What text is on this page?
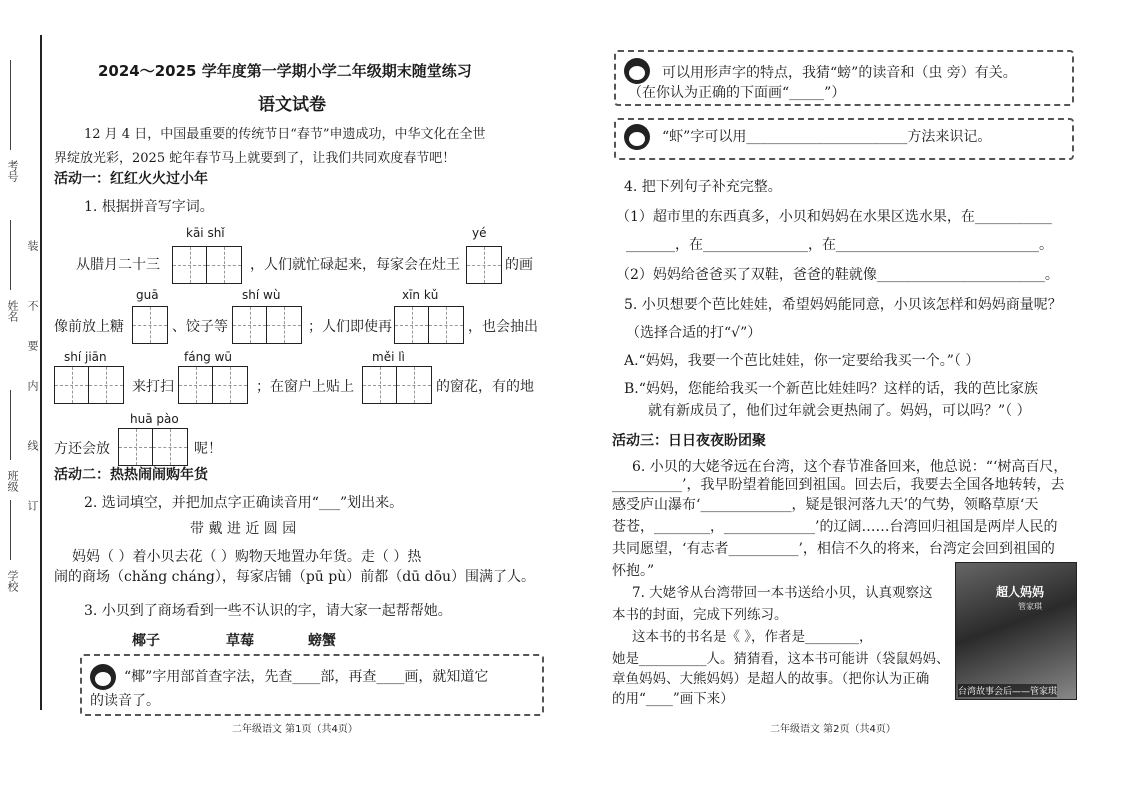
考号
姓名
班级
学校
装
不
要
内
线
订
2024～2025 学年度第一学期小学二年级期末随堂练习
语文试卷
12 月 4 日，中国最重要的传统节日“春节”申遗成功，中华文化在全世
界绽放光彩，2025 蛇年春节马上就要到了，让我们共同欢度春节吧！
活动一：红红火火过小年
1. 根据拼音写字词。
kāi shǐ	yé
从腊月二十三	，人们就忙碌起来，每家会在灶王	的画
guā	shí wù	xīn kǔ
像前放上糖	、饺子等	；人们即使再	，也会抽出
shí jiān	fáng wū	měi lì
来打扫	；在窗户上贴上	的窗花，有的地
huā pào
方还会放	呢！
活动二：热热闹闹购年货
2. 选词填空，并把加点字正确读音用“___”划出来。
带 戴 进 近 圆 园
妈妈（ ）着小贝去花（ ）购物天地置办年货。走（ ）热
闹的商场（chǎng cháng），每家店铺（pū pù）前都（dū dōu）围满了人。
3. 小贝到了商场看到一些不认识的字，请大家一起帮帮她。
椰子	草莓	螃蟹
“椰”字用部首查字法，先查____部，再查____画，就知道它
的读音了。
二年级语文 第1页（共4页）
可以用形声字的特点，我猜“螃”的读音和（虫 旁）有关。
（在你认为正确的下面画“_____”）
“虾”字可以用_______________________方法来识记。
4. 把下列句子补充完整。
（1）超市里的东西真多，小贝和妈妈在水果区选水果，在___________
_______，在_______________，在_____________________________。
（2）妈妈给爸爸买了双鞋，爸爸的鞋就像________________________。
5. 小贝想要个芭比娃娃，希望妈妈能同意，小贝该怎样和妈妈商量呢？
（选择合适的打“√”）
A.“妈妈，我要一个芭比娃娃，你一定要给我买一个。”（ ）
B.“妈妈，您能给我买一个新芭比娃娃吗？这样的话，我的芭比家族
就有新成员了，他们过年就会更热闹了。妈妈，可以吗？”（ ）
活动三：日日夜夜盼团聚
6. 小贝的大姥爷远在台湾，这个春节准备回来，他总说：“‘树高百尺，
__________’，我早盼望着能回到祖国。回去后，我要去全国各地转转，去
感受庐山瀑布‘_____________，疑是银河落九天’的气势，领略草原‘天
苍苍，________，_____________’的辽阔……台湾回归祖国是两岸人民的
共同愿望，‘有志者__________’，相信不久的将来，台湾定会回到祖国的
怀抱。”
7. 大姥爷从台湾带回一本书送给小贝，认真观察这
本书的封面，完成下列练习。
这本书的书名是《 》，作者是________，
她是__________人。猜猜看，这本书可能讲（袋鼠妈妈、
章鱼妈妈、大熊妈妈）是超人的故事。（把你认为正确
的用“____”画下来）
超人妈妈
管家琪
台湾故事会后——管家琪
二年级语文 第2页（共4页）
